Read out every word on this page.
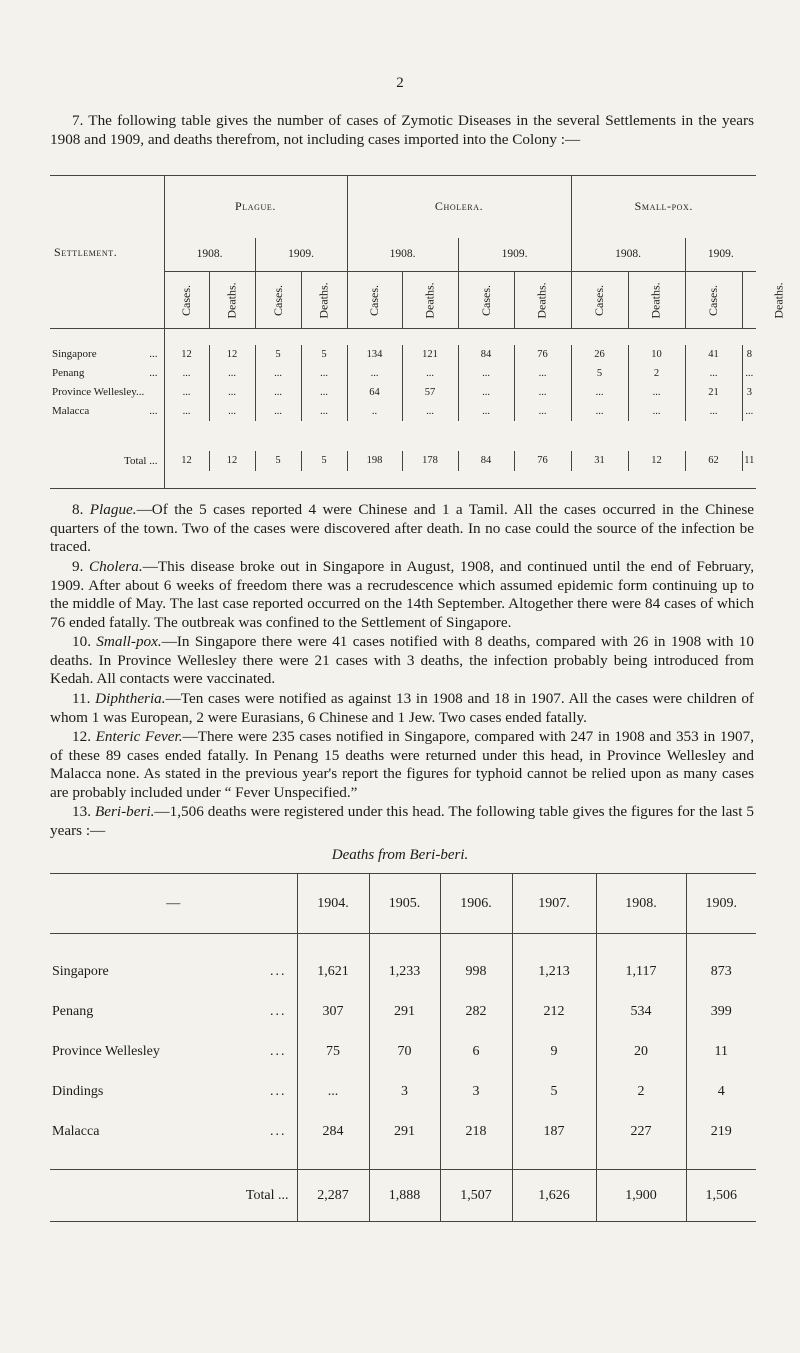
2

7. The following table gives the number of cases of Zymotic Diseases in the several Settlements in the years 1908 and 1909, and deaths therefrom, not including cases imported into the Colony :—

Settlement.	Plague.				Cholera.				Small-pox.			
	1908.		1909.		1908.		1909.		1908.		1909.	
	Cases.	Deaths.	Cases.	Deaths.	Cases.	Deaths.	Cases.	Deaths.	Cases.	Deaths.	Cases.	Deaths.

Singapore ...	12	12	5	5	134	121	84	76	26	10	41	8
Penang ...	...	...	...	...	...	...	...	...	5	2	...	...
Province Wellesley...	...	...	...	...	64	57	...	...	...	...	21	3
Malacca ...	...	...	...	...	..	...	...	...	...	...	...	...

Total ...	12	12	5	5	198	178	84	76	31	12	62	11

8. Plague.—Of the 5 cases reported 4 were Chinese and 1 a Tamil. All the cases occurred in the Chinese quarters of the town. Two of the cases were discovered after death. In no case could the source of the infection be traced.

9. Cholera.—This disease broke out in Singapore in August, 1908, and continued until the end of February, 1909. After about 6 weeks of freedom there was a recrudescence which assumed epidemic form continuing up to the middle of May. The last case reported occurred on the 14th September. Altogether there were 84 cases of which 76 ended fatally. The outbreak was confined to the Settlement of Singapore.

10. Small-pox.—In Singapore there were 41 cases notified with 8 deaths, compared with 26 in 1908 with 10 deaths. In Province Wellesley there were 21 cases with 3 deaths, the infection probably being introduced from Kedah. All contacts were vaccinated.

11. Diphtheria.—Ten cases were notified as against 13 in 1908 and 18 in 1907. All the cases were children of whom 1 was European, 2 were Eurasians, 6 Chinese and 1 Jew. Two cases ended fatally.

12. Enteric Fever.—There were 235 cases notified in Singapore, compared with 247 in 1908 and 353 in 1907, of these 89 cases ended fatally. In Penang 15 deaths were returned under this head, in Province Wellesley and Malacca none. As stated in the previous year's report the figures for typhoid cannot be relied upon as many cases are probably included under “ Fever Unspecified.”

Deaths from Beri-beri.
—	1904.	1905.	1906.	1907.	1908.	1909.

Singapore ...	1,621	1,233	998	1,213	1,117	873
Penang ...	307	291	282	212	534	399
Province Wellesley ...	75	70	6	9	20	11
Dindings ...	...	3	3	5	2	4
Malacca ...	284	291	218	187	227	219

Total ...	2,287	1,888	1,507	1,626	1,900	1,506

13. Beri-beri.—1,506 deaths were registered under this head. The following table gives the figures for the last 5 years :—
